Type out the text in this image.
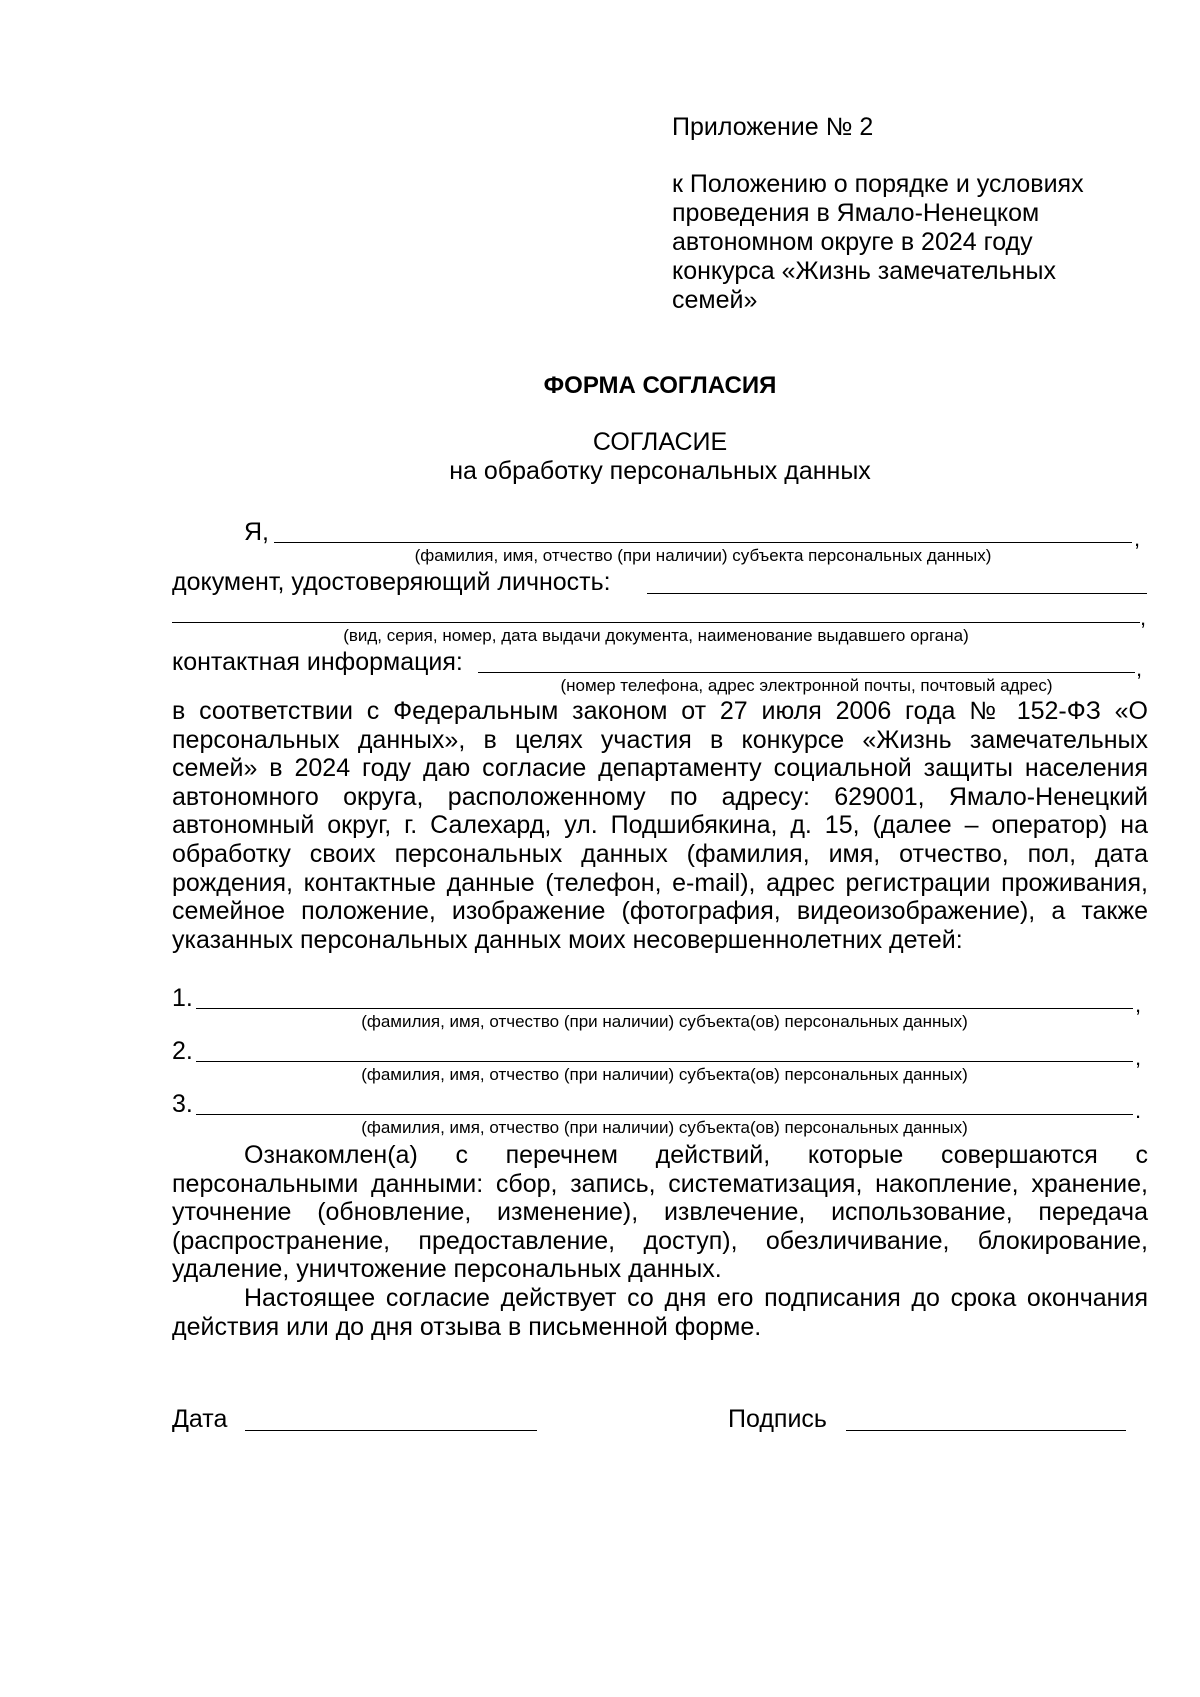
Приложение № 2

к Положению о порядке и условиях проведения в Ямало-Ненецком автономном округе в 2024 году конкурса «Жизнь замечательных семей»

ФОРМА СОГЛАСИЯ
СОГЛАСИЕ
на обработку персональных данных
Я,	,
(фамилия, имя, отчество (при наличии) субъекта персональных данных)
документ, удостоверяющий личность:
,
(вид, серия, номер, дата выдачи документа, наименование выдавшего органа)
контактная информация:	,
(номер телефона, адрес электронной почты, почтовый адрес)

в соответствии с Федеральным законом от 27 июля 2006 года № 152-ФЗ «О персональных данных», в целях участия в конкурсе «Жизнь замечательных семей» в 2024 году даю согласие департаменту социальной защиты населения автономного округа, расположенному по адресу: 629001, Ямало-Ненецкий автономный округ, г. Салехард, ул. Подшибякина, д. 15, (далее – оператор) на обработку своих персональных данных (фамилия, имя, отчество, пол, дата рождения, контактные данные (телефон, e-mail), адрес регистрации проживания, семейное положение, изображение (фотография, видеоизображение), а также указанных персональных данных моих несовершеннолетних детей:

1.	,
(фамилия, имя, отчество (при наличии) субъекта(ов) персональных данных)
2.	,
(фамилия, имя, отчество (при наличии) субъекта(ов) персональных данных)
3.	.
(фамилия, имя, отчество (при наличии) субъекта(ов) персональных данных)

Ознакомлен(а) с перечнем действий, которые совершаются с персональными данными: сбор, запись, систематизация, накопление, хранение, уточнение (обновление, изменение), извлечение, использование, передача (распространение, предоставление, доступ), обезличивание, блокирование, удаление, уничтожение персональных данных.

Настоящее согласие действует со дня его подписания до срока окончания действия или до дня отзыва в письменной форме.

Дата	Подпись
